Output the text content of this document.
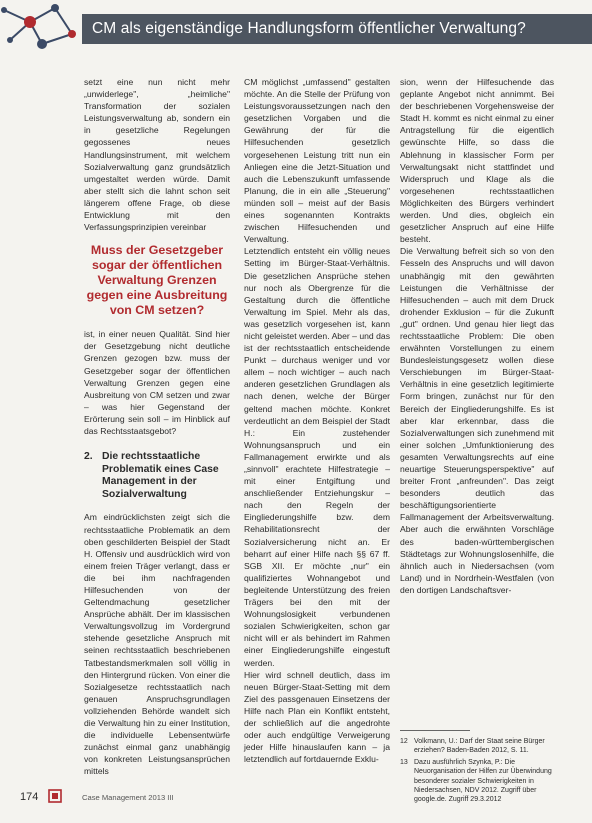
CM als eigenständige Handlungsform öffentlicher Verwaltung?

setzt eine nun nicht mehr „unwiderlege", „heimliche" Transformation der sozialen Leistungsverwaltung ab, sondern ein in gesetzliche Regelungen gegossenes neues Handlungsinstrument, mit welchem Sozialverwaltung ganz grundsätzlich umgestaltet werden würde. Damit aber stellt sich die lahnt schon seit längerem offene Frage, ob diese Entwicklung mit den Verfassungsprinzipien vereinbar

Muss der Gesetzgeber sogar der öffentlichen Verwaltung Grenzen gegen eine Ausbreitung von CM setzen?

ist, in einer neuen Qualität. Sind hier der Gesetzgebung nicht deutliche Grenzen gezogen bzw. muss der Gesetzgeber sogar der öffentlichen Verwaltung Grenzen gegen eine Ausbreitung von CM setzen und zwar – was hier Gegenstand der Erörterung sein soll – im Hinblick auf das Rechtsstaatsgebot?

2. Die rechtsstaatliche Problematik eines Case Management in der Sozialverwaltung

Am eindrücklichsten zeigt sich die rechtsstaatliche Problematik an dem oben geschilderten Beispiel der Stadt H. Offensiv und ausdrücklich wird von einem freien Träger verlangt, dass er die bei ihm nachfragenden Hilfesuchenden von der Geltendmachung gesetzlicher Ansprüche abhält. Der im klassischen Verwaltungsvollzug im Vordergrund stehende gesetzliche Anspruch mit seinen rechtsstaatlich beschriebenen Tatbestandsmerkmalen soll völlig in den Hintergrund rücken. Von einer die Sozialgesetze rechtsstaatlich nach genauen Anspruchsgrundlagen vollziehenden Behörde wandelt sich die Verwaltung hin zu einer Institution, die individuelle Lebensentwürfe zunächst einmal ganz unabhängig von konkreten Leistungsansprüchen mittels

CM möglichst „umfassend" gestalten möchte. An die Stelle der Prüfung von Leistungsvoraussetzungen nach den gesetzlichen Vorgaben und die Gewährung der für die Hilfesuchenden gesetzlich vorgesehenen Leistung tritt nun ein Anliegen eine die Jetzt-Situation und auch die Lebenszukunft umfassende Planung, die in ein alle „Steuerung" münden soll – meist auf der Basis eines sogenannten Kontrakts zwischen Hilfesuchenden und Verwaltung.

Letztendlich entsteht ein völlig neues Setting im Bürger-Staat-Verhältnis. Die gesetzlichen Ansprüche stehen nur noch als Obergrenze für die Gestaltung durch die öffentliche Verwaltung im Spiel. Mehr als das, was gesetzlich vorgesehen ist, kann nicht geleistet werden. Aber – und das ist der rechtsstaatlich entscheidende Punkt – durchaus weniger und vor allem – noch wichtiger – auch nach anderen gesetzlichen Grundlagen als nach denen, welche der Bürger geltend machen möchte. Konkret verdeutlicht an dem Beispiel der Stadt H.: Ein zustehender Wohnungsanspruch und ein Fallmanagement erwirkte und als „sinnvoll" erachtete Hilfestrategie – mit einer Entgiftung und anschließender Entziehungskur – nach den Regeln der Eingliederungshilfe bzw. dem Rehabilitationsrecht der Sozialversicherung nicht an. Er beharrt auf einer Hilfe nach §§ 67 ff. SGB XII. Er möchte „nur" ein qualifiziertes Wohnangebot und begleitende Unterstützung des freien Trägers bei den mit der Wohnungslosigkeit verbundenen sozialen Schwierigkeiten, schon gar nicht will er als behindert im Rahmen einer Eingliederungshilfe eingestuft werden.

Hier wird schnell deutlich, dass im neuen Bürger-Staat-Setting mit dem Ziel des passgenauen Einsetzens der Hilfe nach Plan ein Konflikt entsteht, der schließlich auf die angedrohte oder auch endgültige Verweigerung jeder Hilfe hinauslaufen kann – ja letztendlich auf fortdauernde Exklu-

sion, wenn der Hilfesuchende das geplante Angebot nicht annimmt. Bei der beschriebenen Vorgehensweise der Stadt H. kommt es nicht einmal zu einer Antragstellung für die eigentlich gewünschte Hilfe, so dass die Ablehnung in klassischer Form per Verwaltungsakt nicht stattfindet und Widerspruch und Klage als die vorgesehenen rechtsstaatlichen Möglichkeiten des Bürgers verhindert werden. Und dies, obgleich ein gesetzlicher Anspruch auf eine Hilfe besteht.

Die Verwaltung befreit sich so von den Fesseln des Anspruchs und will davon unabhängig mit den gewährten Leistungen die Verhältnisse der Hilfesuchenden – auch mit dem Druck drohender Exklusion – für die Zukunft „gut" ordnen. Und genau hier liegt das rechtsstaatliche Problem: Die oben erwähnten Vorstellungen zu einem Bundesleistungsgesetz wollen diese Verschiebungen im Bürger-Staat-Verhältnis in eine gesetzlich legitimierte Form bringen, zunächst nur für den Bereich der Eingliederungshilfe. Es ist aber klar erkennbar, dass die Sozialverwaltungen sich zunehmend mit einer solchen „Umfunktionierung des gesamten Verwaltungsrechts auf eine neuartige Steuerungsperspektive" auf breiter Front „anfreunden". Das zeigt besonders deutlich das beschäftigungsorientierte Fallmanagement der Arbeitsverwaltung. Aber auch die erwähnten Vorschläge des baden-württembergischen Städtetags zur Wohnungslosenhilfe, die ähnlich auch in Niedersachsen (vom Land) und in Nordrhein-Westfalen (von den dortigen Landschaftsver-

12 Volkmann, U.: Darf der Staat seine Bürger erziehen? Baden-Baden 2012, S. 11.
13 Dazu ausführlich Szynka, P.: Die Neuorganisation der Hilfen zur Überwindung besonderer sozialer Schwierigkeiten in Niedersachsen, NDV 2012. Zugriff über google.de. Zugriff 29.3.2012
174	Case Management 2013 III
